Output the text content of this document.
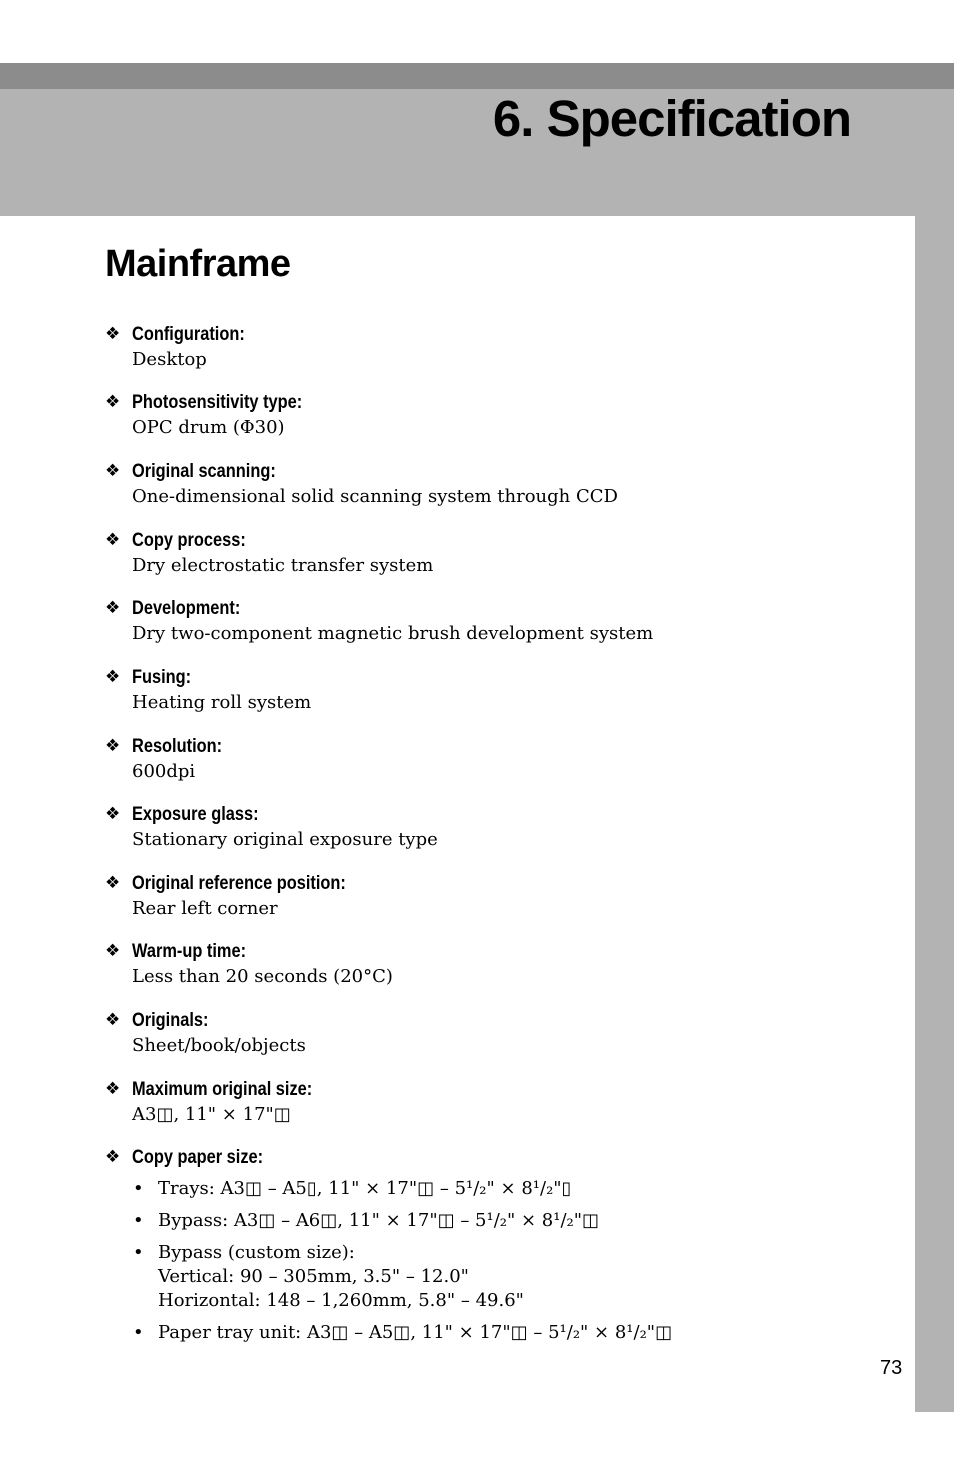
6. Specification
Mainframe
❖ Configuration:
Desktop
❖ Photosensitivity type:
OPC drum (Φ30)
❖ Original scanning:
One-dimensional solid scanning system through CCD
❖ Copy process:
Dry electrostatic transfer system
❖ Development:
Dry two-component magnetic brush development system
❖ Fusing:
Heating roll system
❖ Resolution:
600dpi
❖ Exposure glass:
Stationary original exposure type
❖ Original reference position:
Rear left corner
❖ Warm-up time:
Less than 20 seconds (20°C)
❖ Originals:
Sheet/book/objects
❖ Maximum original size:
A3◫, 11" × 17"◫
❖ Copy paper size:
• Trays: A3◫ – A5▯, 11" × 17"◫ – 5¹/₂" × 8¹/₂"▯
• Bypass: A3◫ – A6◫, 11" × 17"◫ – 5¹/₂" × 8¹/₂"◫
• Bypass (custom size):
Vertical: 90 – 305mm, 3.5" – 12.0"
Horizontal: 148 – 1,260mm, 5.8" – 49.6"
• Paper tray unit: A3◫ – A5◫, 11" × 17"◫ – 5¹/₂" × 8¹/₂"◫
73
